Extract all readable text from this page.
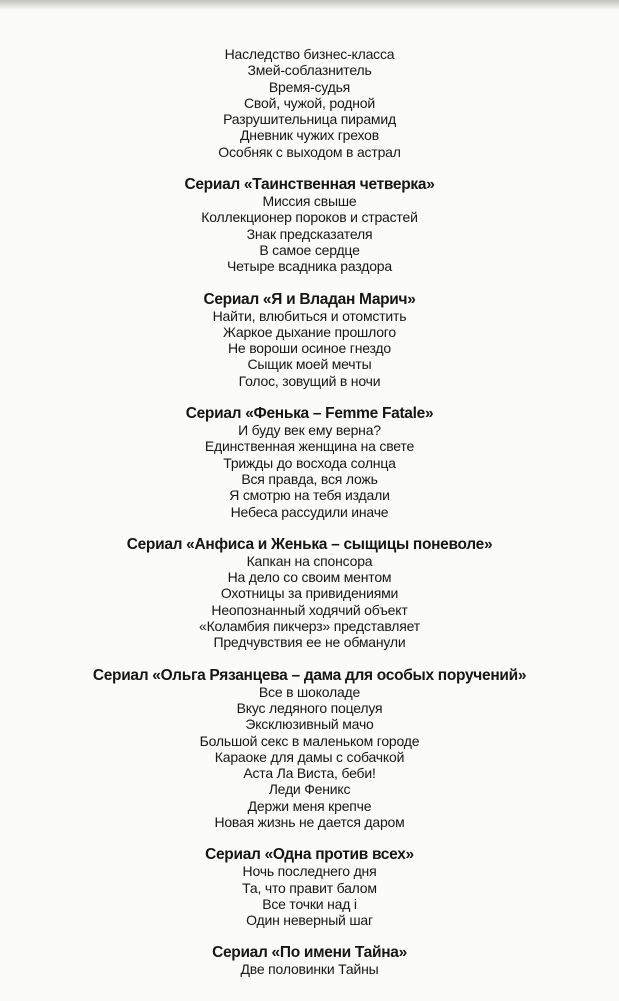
Наследство бизнес-класса
Змей-соблазнитель
Время-судья
Свой, чужой, родной
Разрушительница пирамид
Дневник чужих грехов
Особняк с выходом в астрал
Сериал «Таинственная четверка»
Миссия свыше
Коллекционер пороков и страстей
Знак предсказателя
В самое сердце
Четыре всадника раздора
Сериал «Я и Владан Марич»
Найти, влюбиться и отомстить
Жаркое дыхание прошлого
Не вороши осиное гнездо
Сыщик моей мечты
Голос, зовущий в ночи
Сериал «Фенька – Femme Fatale»
И буду век ему верна?
Единственная женщина на свете
Трижды до восхода солнца
Вся правда, вся ложь
Я смотрю на тебя издали
Небеса рассудили иначе
Сериал «Анфиса и Женька – сыщицы поневоле»
Капкан на спонсора
На дело со своим ментом
Охотницы за привидениями
Неопознанный ходячий объект
«Коламбия пикчерз» представляет
Предчувствия ее не обманули
Сериал «Ольга Рязанцева – дама для особых поручений»
Все в шоколаде
Вкус ледяного поцелуя
Эксклюзивный мачо
Большой секс в маленьком городе
Караоке для дамы с собачкой
Аста Ла Виста, беби!
Леди Феникс
Держи меня крепче
Новая жизнь не дается даром
Сериал «Одна против всех»
Ночь последнего дня
Та, что правит балом
Все точки над i
Один неверный шаг
Сериал «По имени Тайна»
Две половинки Тайны
